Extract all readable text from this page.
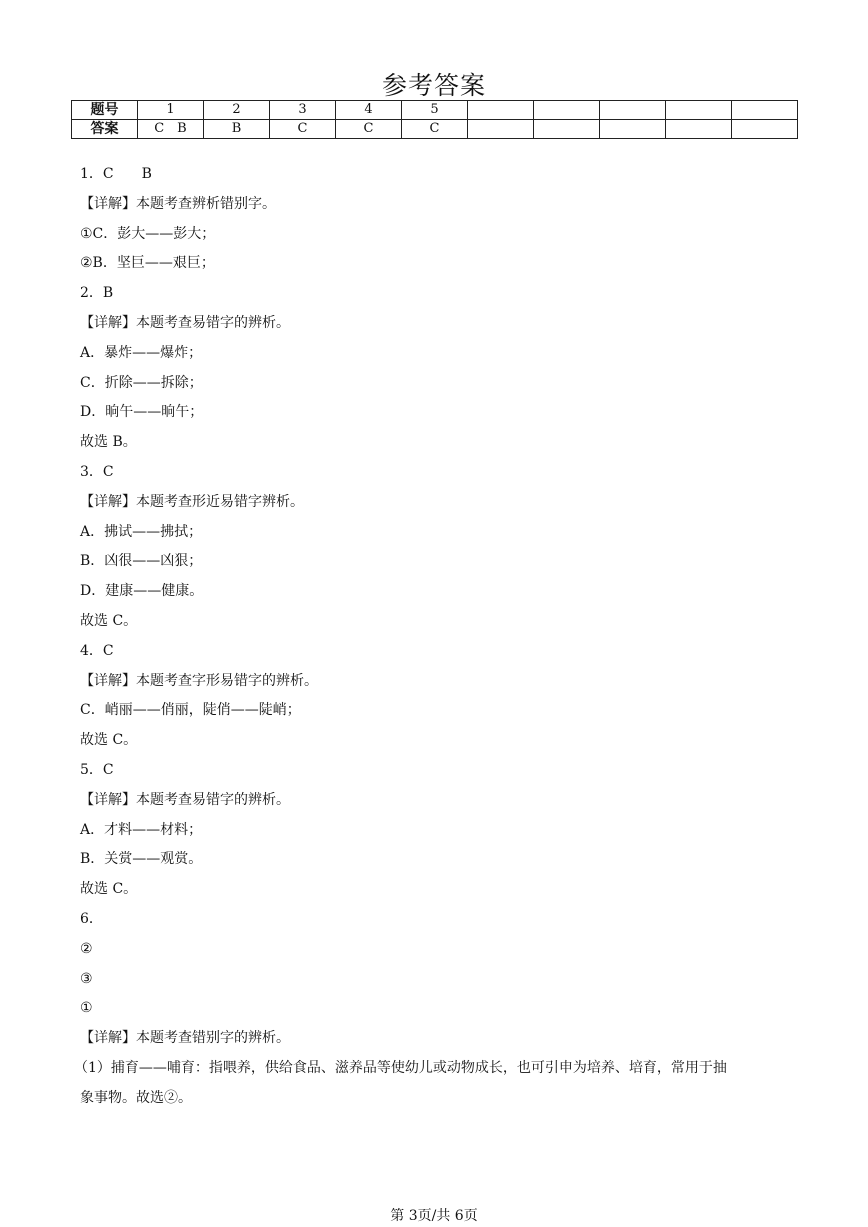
参考答案
题号	1	2	3	4	5					
答案	C　B	B	C	C	C					
1．C　　B
【详解】本题考查辨析错别字。
①C．彭大——彭大；
②B．坚巨——艰巨；
2．B
【详解】本题考查易错字的辨析。
A．暴炸——爆炸；
C．折除——拆除；
D．晌午——晌午；
故选 B。
3．C
【详解】本题考查形近易错字辨析。
A．拂试——拂拭；
B．凶很——凶狠；
D．建康——健康。
故选 C。
4．C
【详解】本题考查字形易错字的辨析。
C．峭丽——俏丽，陡俏——陡峭；
故选 C。
5．C
【详解】本题考查易错字的辨析。
A．才料——材料；
B．关赏——观赏。
故选 C。
6．
②
③
①
【详解】本题考查错别字的辨析。
（1）捕育——哺育：指喂养，供给食品、滋养品等使幼儿或动物成长，也可引申为培养、培育，常用于抽
象事物。故选②。
第 3页/共 6页
